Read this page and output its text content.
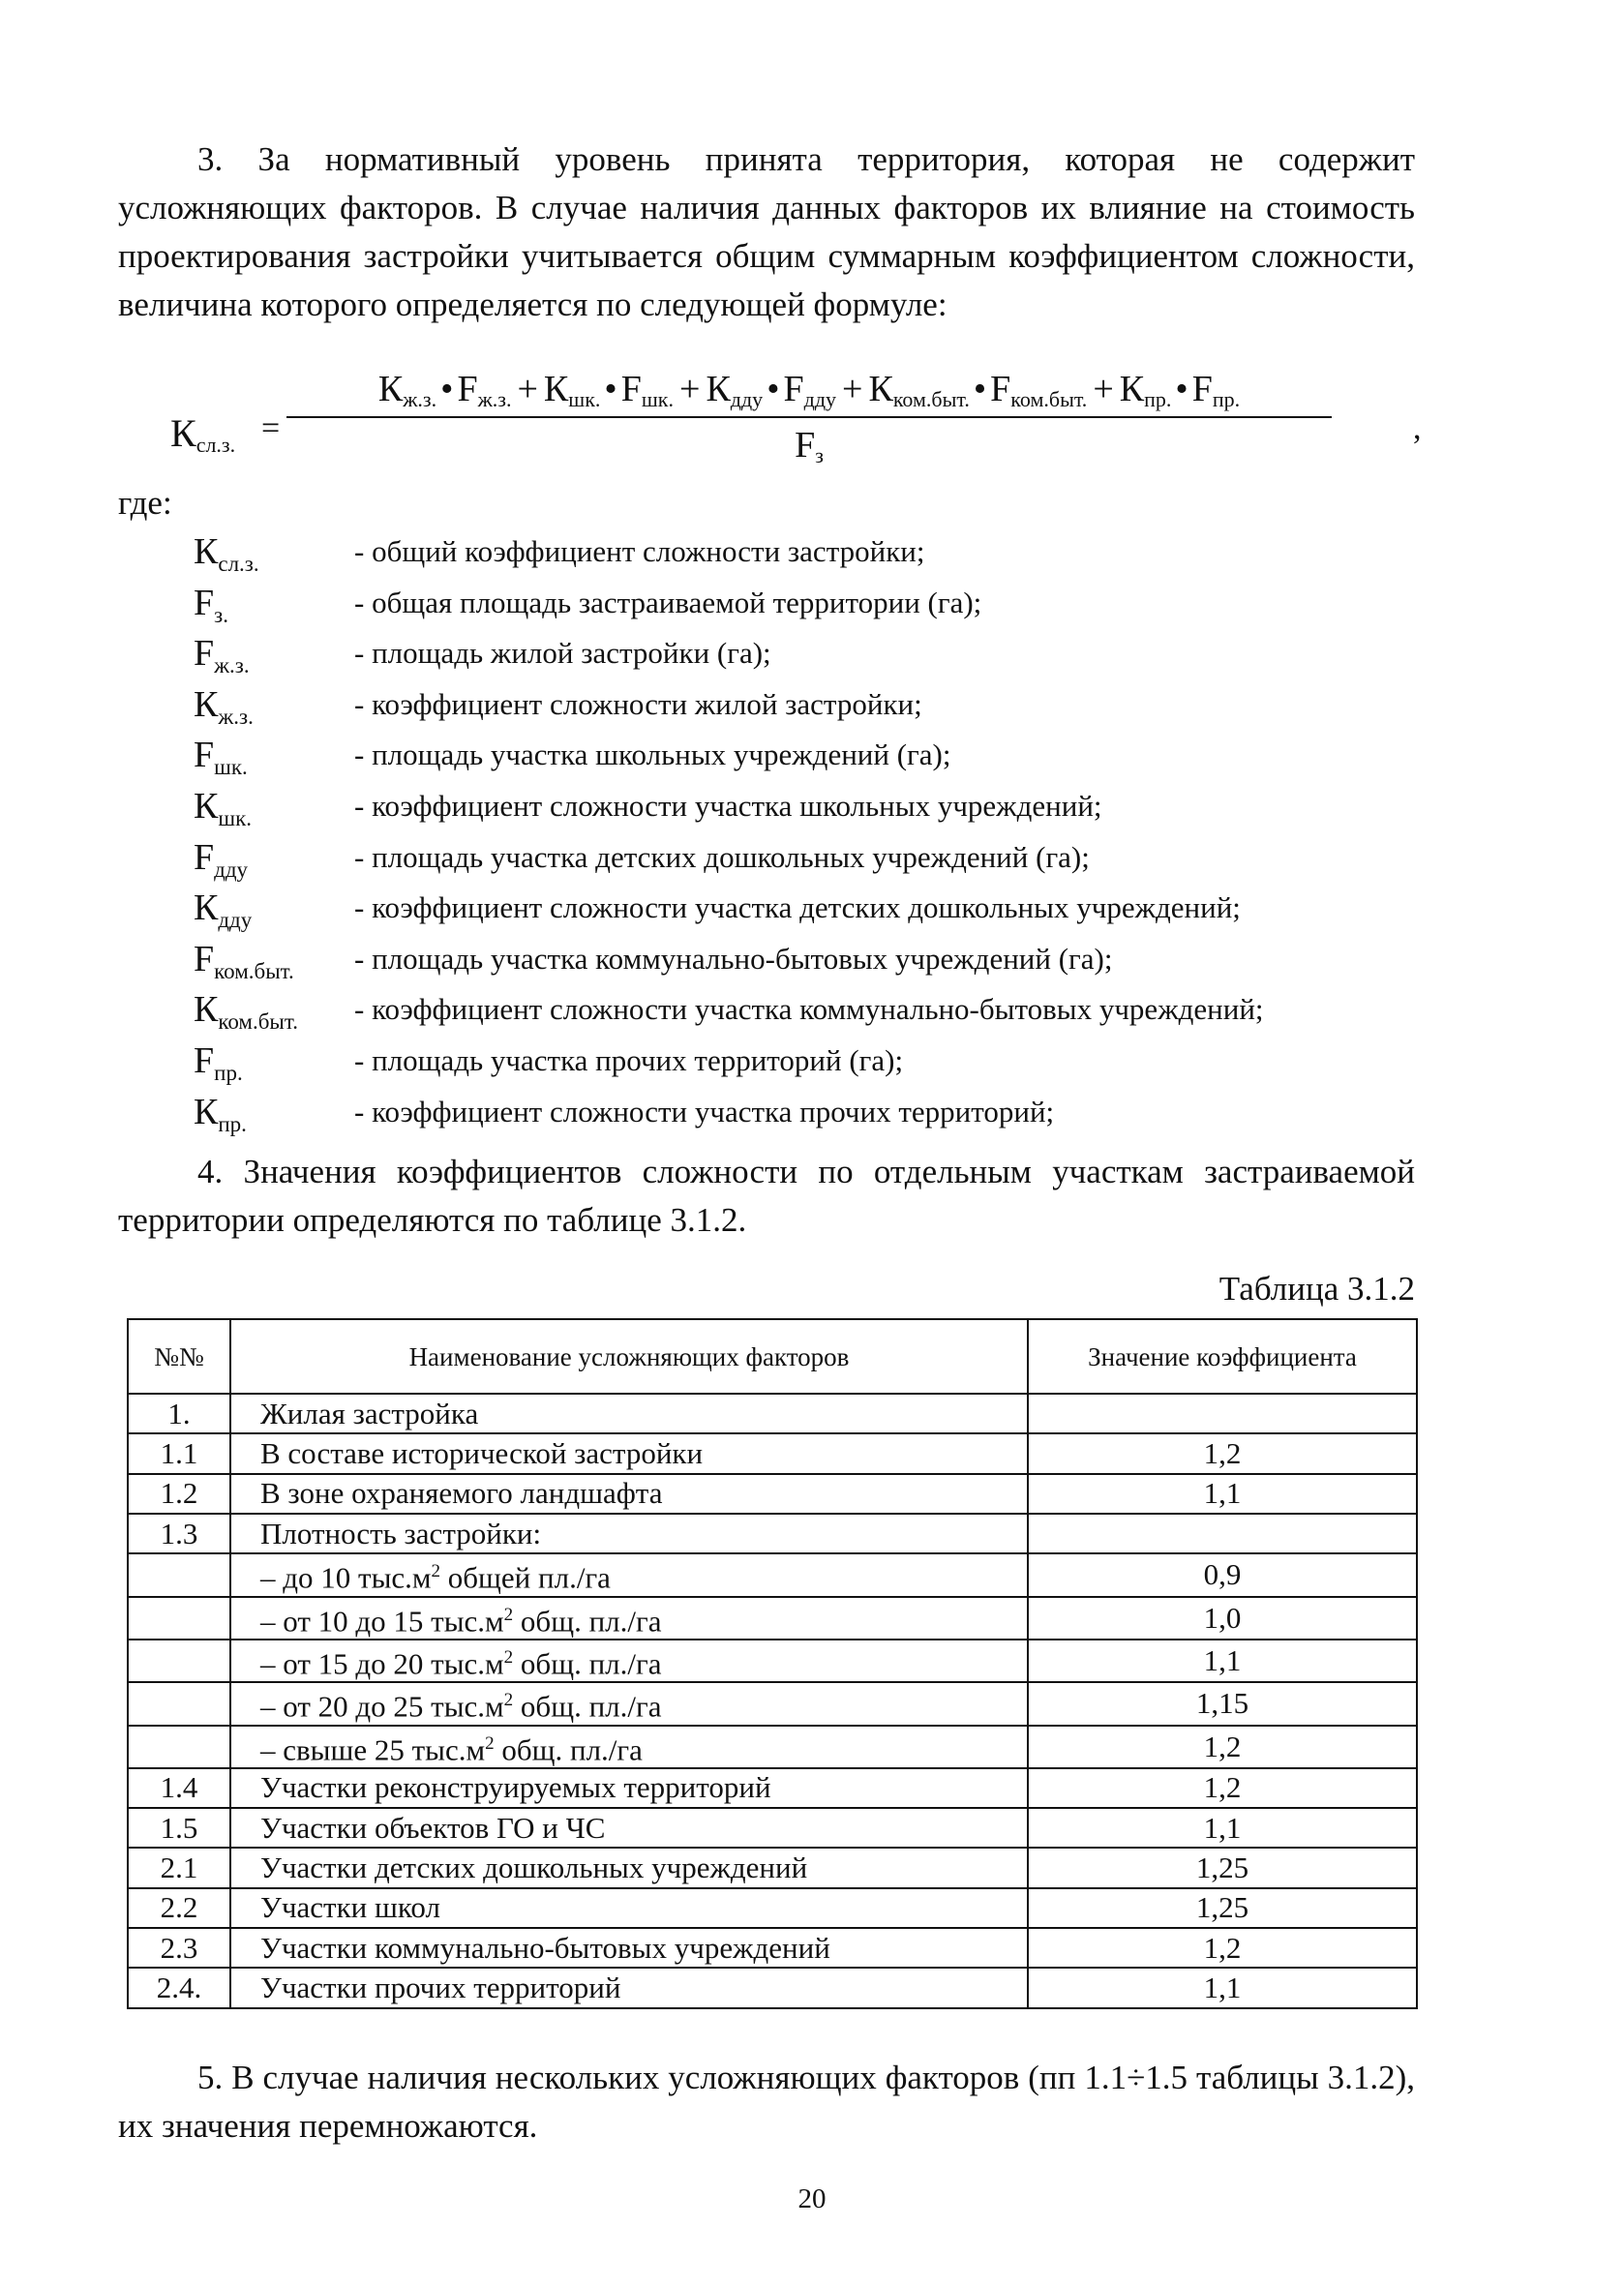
3. За нормативный уровень принята территория, которая не содержит усложняющих факторов. В случае наличия данных факторов их влияние на стоимость проектирования застройки учитывается общим суммарным коэффициентом сложности, величина которого определяется по следующей формуле:

$К_{сл.з.}$ =
$К_{ж.з.}$ • $F_{ж.з.} + К_{шк.}$ • $F_{шк.} + К_{дду}$ • $F_{дду} + К_{ком.быт.}$ • $F_{ком.быт.} + К_{пр.}$ • $F_{пр.}$
$F_з$
,
где:
$К_{сл.з.}$	- общий коэффициент сложности застройки;
$F_{з.}$	- общая площадь застраиваемой территории (га);
$F_{ж.з.}$	- площадь жилой застройки (га);
$К_{ж.з.}$	- коэффициент сложности жилой застройки;
$F_{шк.}$	- площадь участка школьных учреждений (га);
$К_{шк.}$	- коэффициент сложности участка школьных учреждений;
$F_{дду}$	- площадь участка детских дошкольных учреждений (га);
$К_{дду}$	- коэффициент сложности участка детских дошкольных учреждений;
$F_{ком.быт.}$ - площадь участка коммунально-бытовых учреждений (га);
$К_{ком.быт.}$ - коэффициент сложности участка коммунально-бытовых учреждений;
$F_{пр.}$	- площадь участка прочих территорий (га);
$К_{пр.}$	- коэффициент сложности участка прочих территорий;

4. Значения коэффициентов сложности по отдельным участкам застраиваемой территории определяются по таблице 3.1.2.

Таблица 3.1.2
№№	Наименование усложняющих факторов	Значение коэффициента
1.	Жилая застройка	
1.1	В составе исторической застройки	1,2
1.2	В зоне охраняемого ландшафта	1,1
1.3	Плотность застройки:	
	– до 10 $тыс.м^2$ общей пл./га	0,9
	– от 10 до 15 $тыс.м^2$ общ. пл./га	1,0
	– от 15 до 20 $тыс.м^2$ общ. пл./га	1,1
	– от 20 до 25 $тыс.м^2$ общ. пл./га	1,15
	– свыше 25 $тыс.м^2$ общ. пл./га	1,2
1.4	Участки реконструируемых территорий	1,2
1.5	Участки объектов ГО и ЧС	1,1
2.1	Участки детских дошкольных учреждений	1,25
2.2	Участки школ	1,25
2.3	Участки коммунально-бытовых учреждений	1,2
2.4.	Участки прочих территорий	1,1

5. В случае наличия нескольких усложняющих факторов (пп 1.1÷1.5 таблицы 3.1.2), их значения перемножаются.

20
